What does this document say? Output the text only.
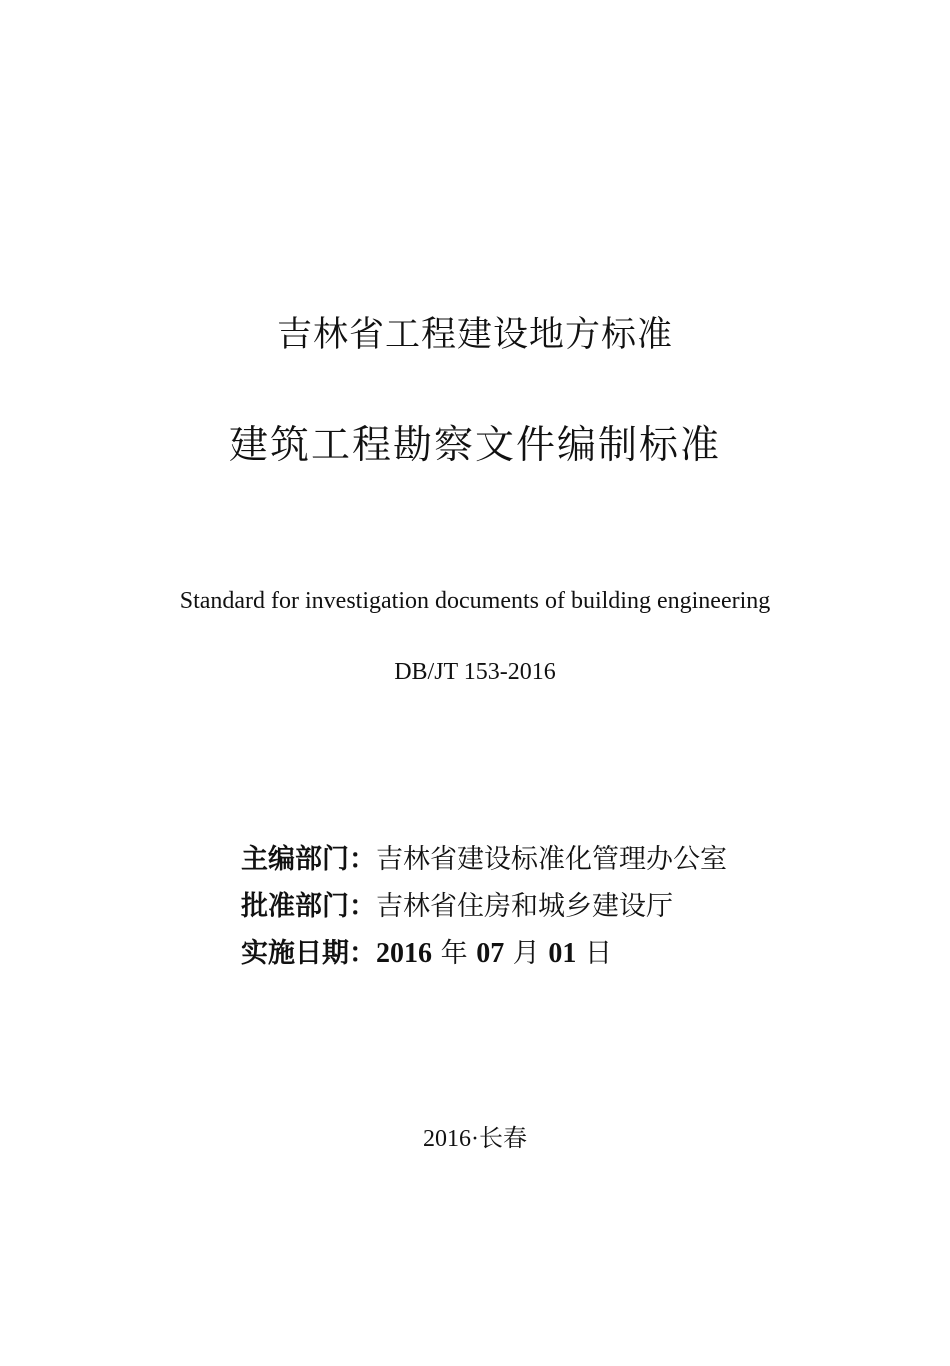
吉林省工程建设地方标准
建筑工程勘察文件编制标准
Standard for investigation documents of building engineering
DB/JT 153-2016
主编部门：吉林省建设标准化管理办公室
批准部门：吉林省住房和城乡建设厅
实施日期：2016 年 07 月 01 日
2016·长春
